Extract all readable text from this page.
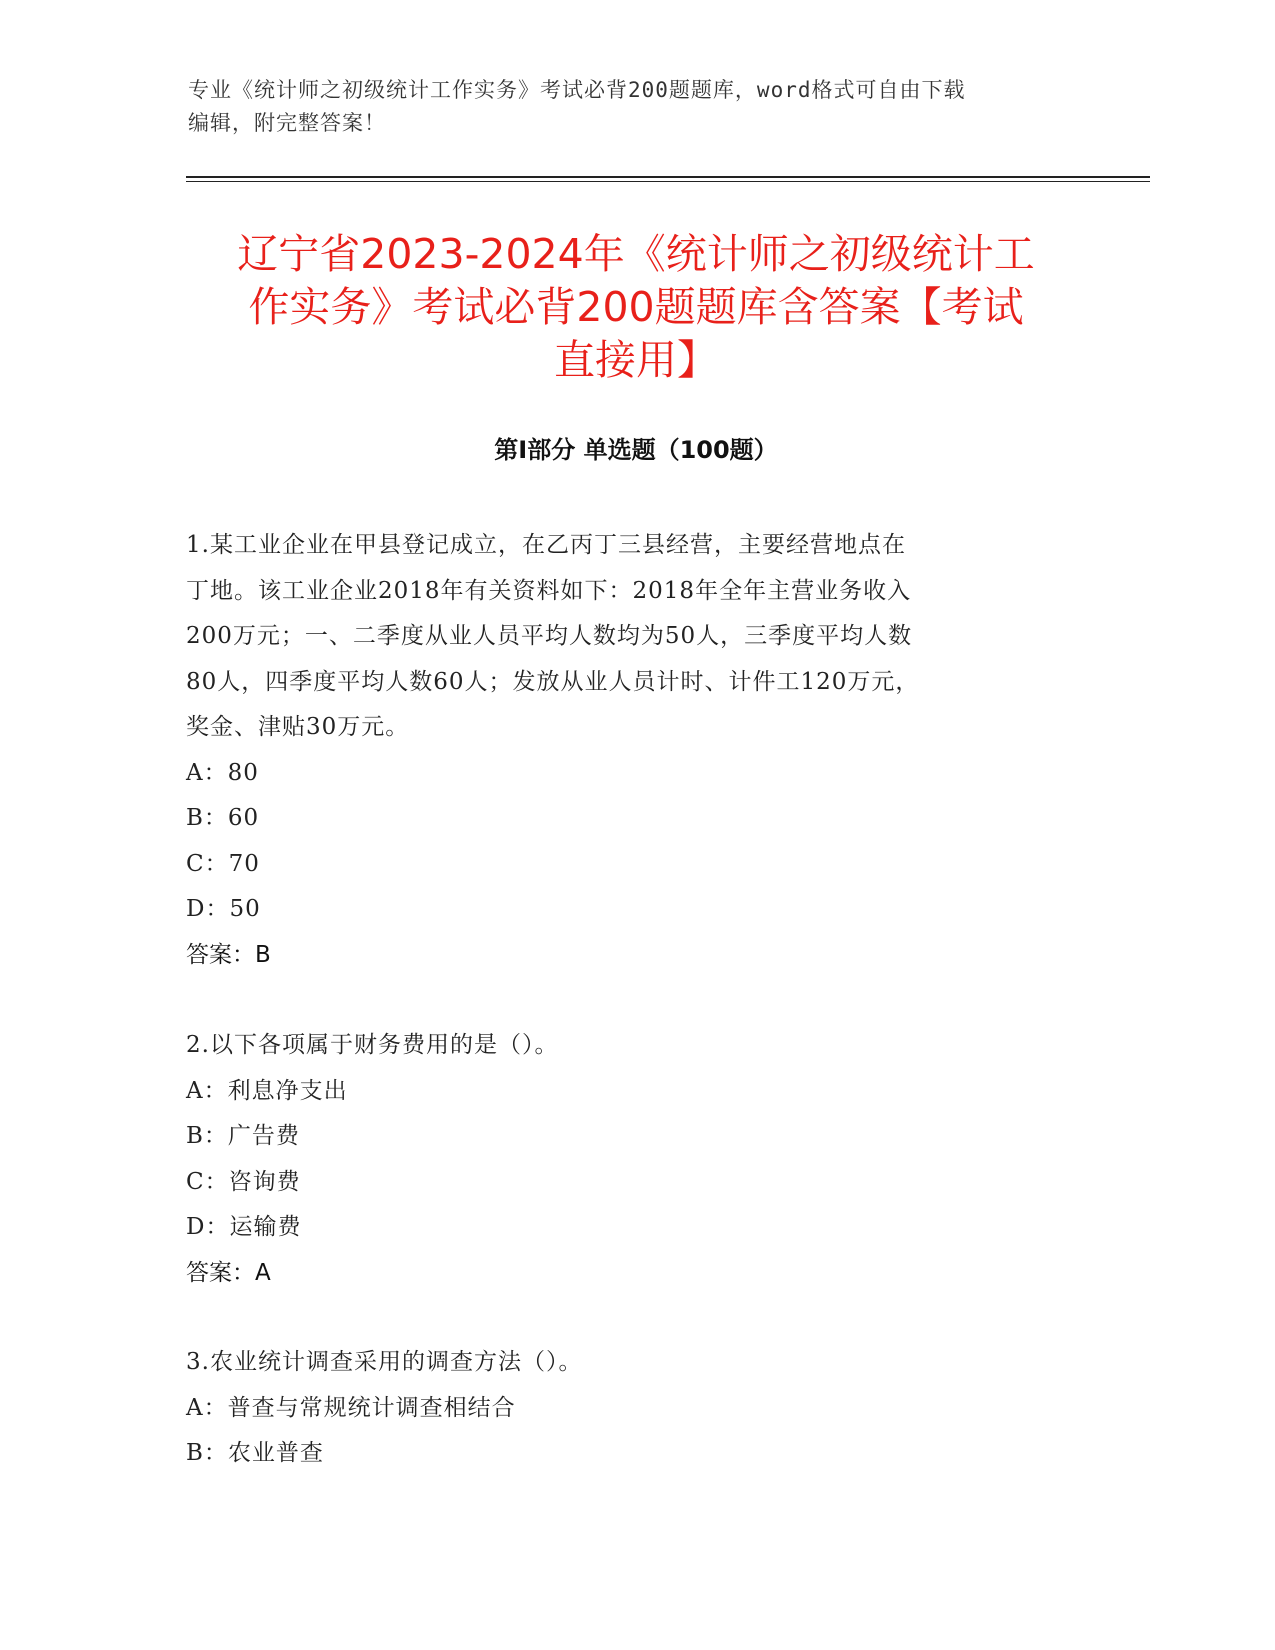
专业《统计师之初级统计工作实务》考试必背200题题库，word格式可自由下载
编辑，附完整答案！
辽宁省2023-2024年《统计师之初级统计工
作实务》考试必背200题题库含答案【考试
直接用】
第I部分 单选题（100题）
1.某工业企业在甲县登记成立，在乙丙丁三县经营，主要经营地点在
丁地。该工业企业2018年有关资料如下：2018年全年主营业务收入
200万元；一、二季度从业人员平均人数均为50人，三季度平均人数
80人，四季度平均人数60人；发放从业人员计时、计件工120万元，
奖金、津贴30万元。
A：80
B：60
C：70
D：50
答案：B
2.以下各项属于财务费用的是（）。
A：利息净支出
B：广告费
C：咨询费
D：运输费
答案：A
3.农业统计调查采用的调查方法（）。
A：普查与常规统计调查相结合
B：农业普查
